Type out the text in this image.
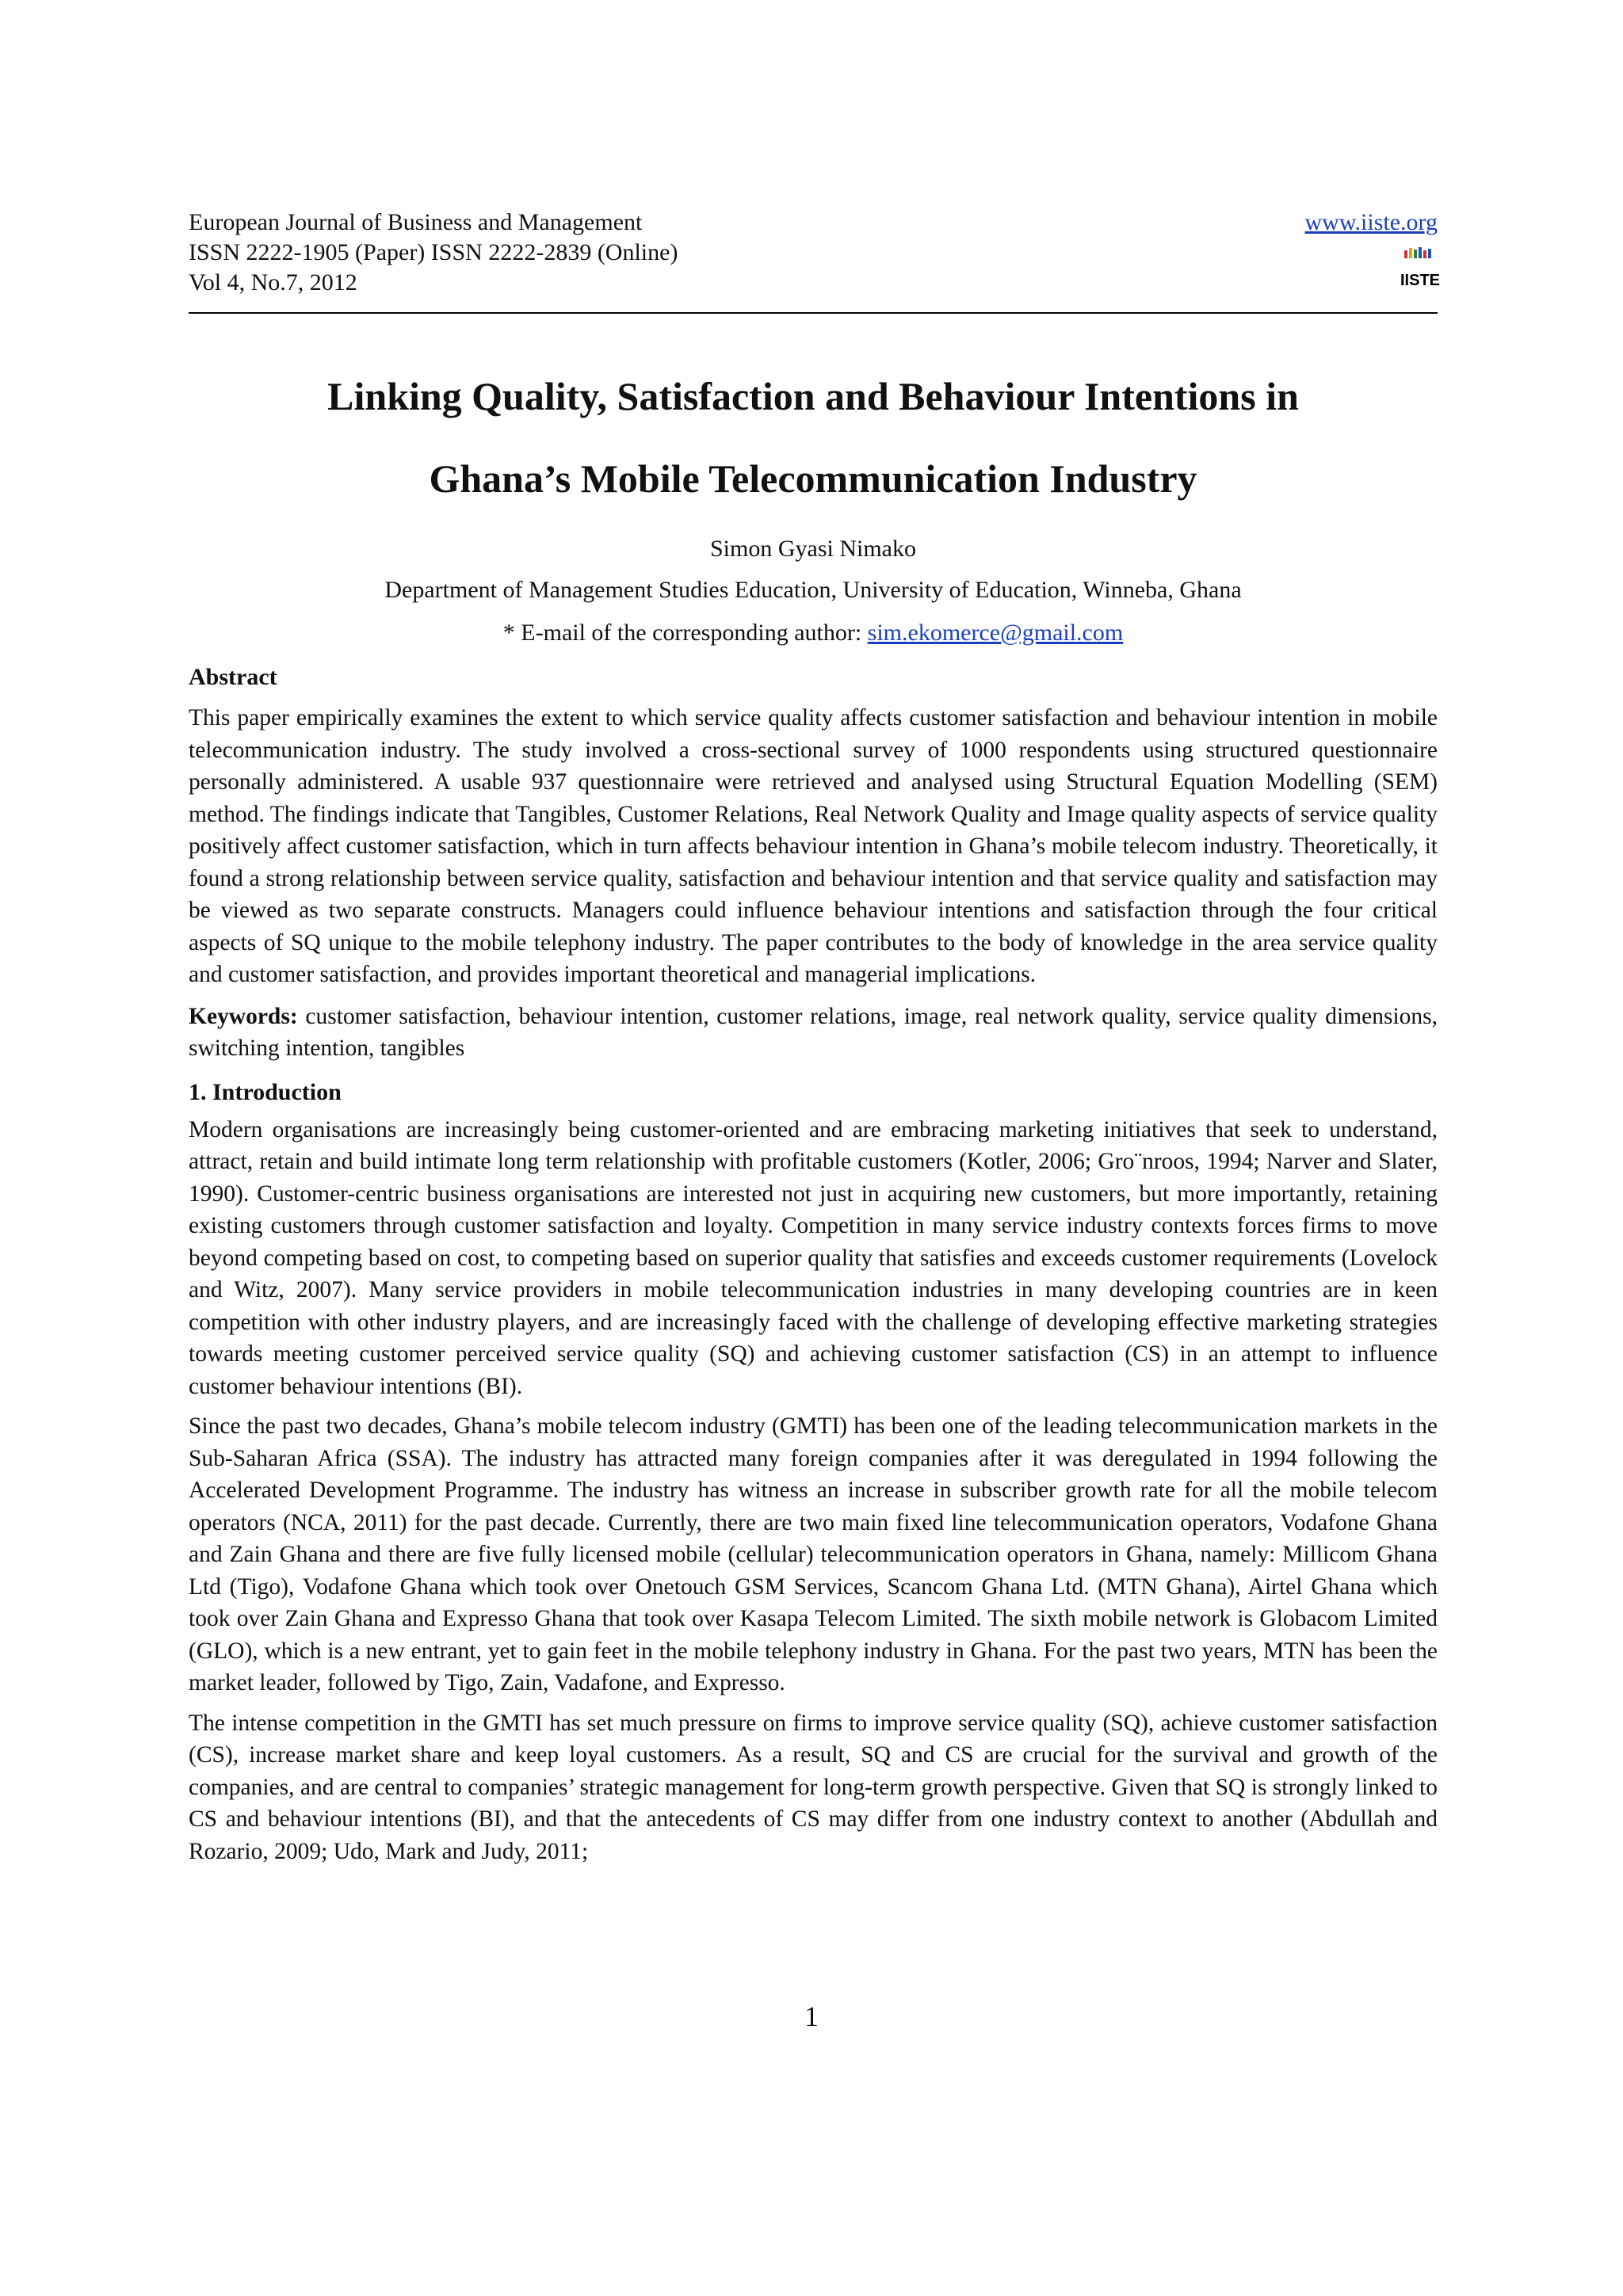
European Journal of Business and Management
ISSN 2222-1905 (Paper) ISSN 2222-2839 (Online)
Vol 4, No.7, 2012
www.iiste.org
IISTE
Linking Quality, Satisfaction and Behaviour Intentions in
Ghana’s Mobile Telecommunication Industry
Simon Gyasi Nimako
Department of Management Studies Education, University of Education, Winneba, Ghana
* E-mail of the corresponding author: sim.ekomerce@gmail.com
Abstract

This paper empirically examines the extent to which service quality affects customer satisfaction and behaviour intention in mobile telecommunication industry. The study involved a cross-sectional survey of 1000 respondents using structured questionnaire personally administered. A usable 937 questionnaire were retrieved and analysed using Structural Equation Modelling (SEM) method. The findings indicate that Tangibles, Customer Relations, Real Network Quality and Image quality aspects of service quality positively affect customer satisfaction, which in turn affects behaviour intention in Ghana’s mobile telecom industry. Theoretically, it found a strong relationship between service quality, satisfaction and behaviour intention and that service quality and satisfaction may be viewed as two separate constructs. Managers could influence behaviour intentions and satisfaction through the four critical aspects of SQ unique to the mobile telephony industry. The paper contributes to the body of knowledge in the area service quality and customer satisfaction, and provides important theoretical and managerial implications.

Keywords: customer satisfaction, behaviour intention, customer relations, image, real network quality, service quality dimensions, switching intention, tangibles

1. Introduction

Modern organisations are increasingly being customer-oriented and are embracing marketing initiatives that seek to understand, attract, retain and build intimate long term relationship with profitable customers (Kotler, 2006; Gro¨nroos, 1994; Narver and Slater, 1990). Customer-centric business organisations are interested not just in acquiring new customers, but more importantly, retaining existing customers through customer satisfaction and loyalty. Competition in many service industry contexts forces firms to move beyond competing based on cost, to competing based on superior quality that satisfies and exceeds customer requirements (Lovelock and Witz, 2007). Many service providers in mobile telecommunication industries in many developing countries are in keen competition with other industry players, and are increasingly faced with the challenge of developing effective marketing strategies towards meeting customer perceived service quality (SQ) and achieving customer satisfaction (CS) in an attempt to influence customer behaviour intentions (BI).

Since the past two decades, Ghana’s mobile telecom industry (GMTI) has been one of the leading telecommunication markets in the Sub-Saharan Africa (SSA). The industry has attracted many foreign companies after it was deregulated in 1994 following the Accelerated Development Programme. The industry has witness an increase in subscriber growth rate for all the mobile telecom operators (NCA, 2011) for the past decade. Currently, there are two main fixed line telecommunication operators, Vodafone Ghana and Zain Ghana and there are five fully licensed mobile (cellular) telecommunication operators in Ghana, namely: Millicom Ghana Ltd (Tigo), Vodafone Ghana which took over Onetouch GSM Services, Scancom Ghana Ltd. (MTN Ghana), Airtel Ghana which took over Zain Ghana and Expresso Ghana that took over Kasapa Telecom Limited. The sixth mobile network is Globacom Limited (GLO), which is a new entrant, yet to gain feet in the mobile telephony industry in Ghana. For the past two years, MTN has been the market leader, followed by Tigo, Zain, Vadafone, and Expresso.

The intense competition in the GMTI has set much pressure on firms to improve service quality (SQ), achieve customer satisfaction (CS), increase market share and keep loyal customers. As a result, SQ and CS are crucial for the survival and growth of the companies, and are central to companies’ strategic management for long-term growth perspective. Given that SQ is strongly linked to CS and behaviour intentions (BI), and that the antecedents of CS may differ from one industry context to another (Abdullah and Rozario, 2009; Udo, Mark and Judy, 2011;

1
